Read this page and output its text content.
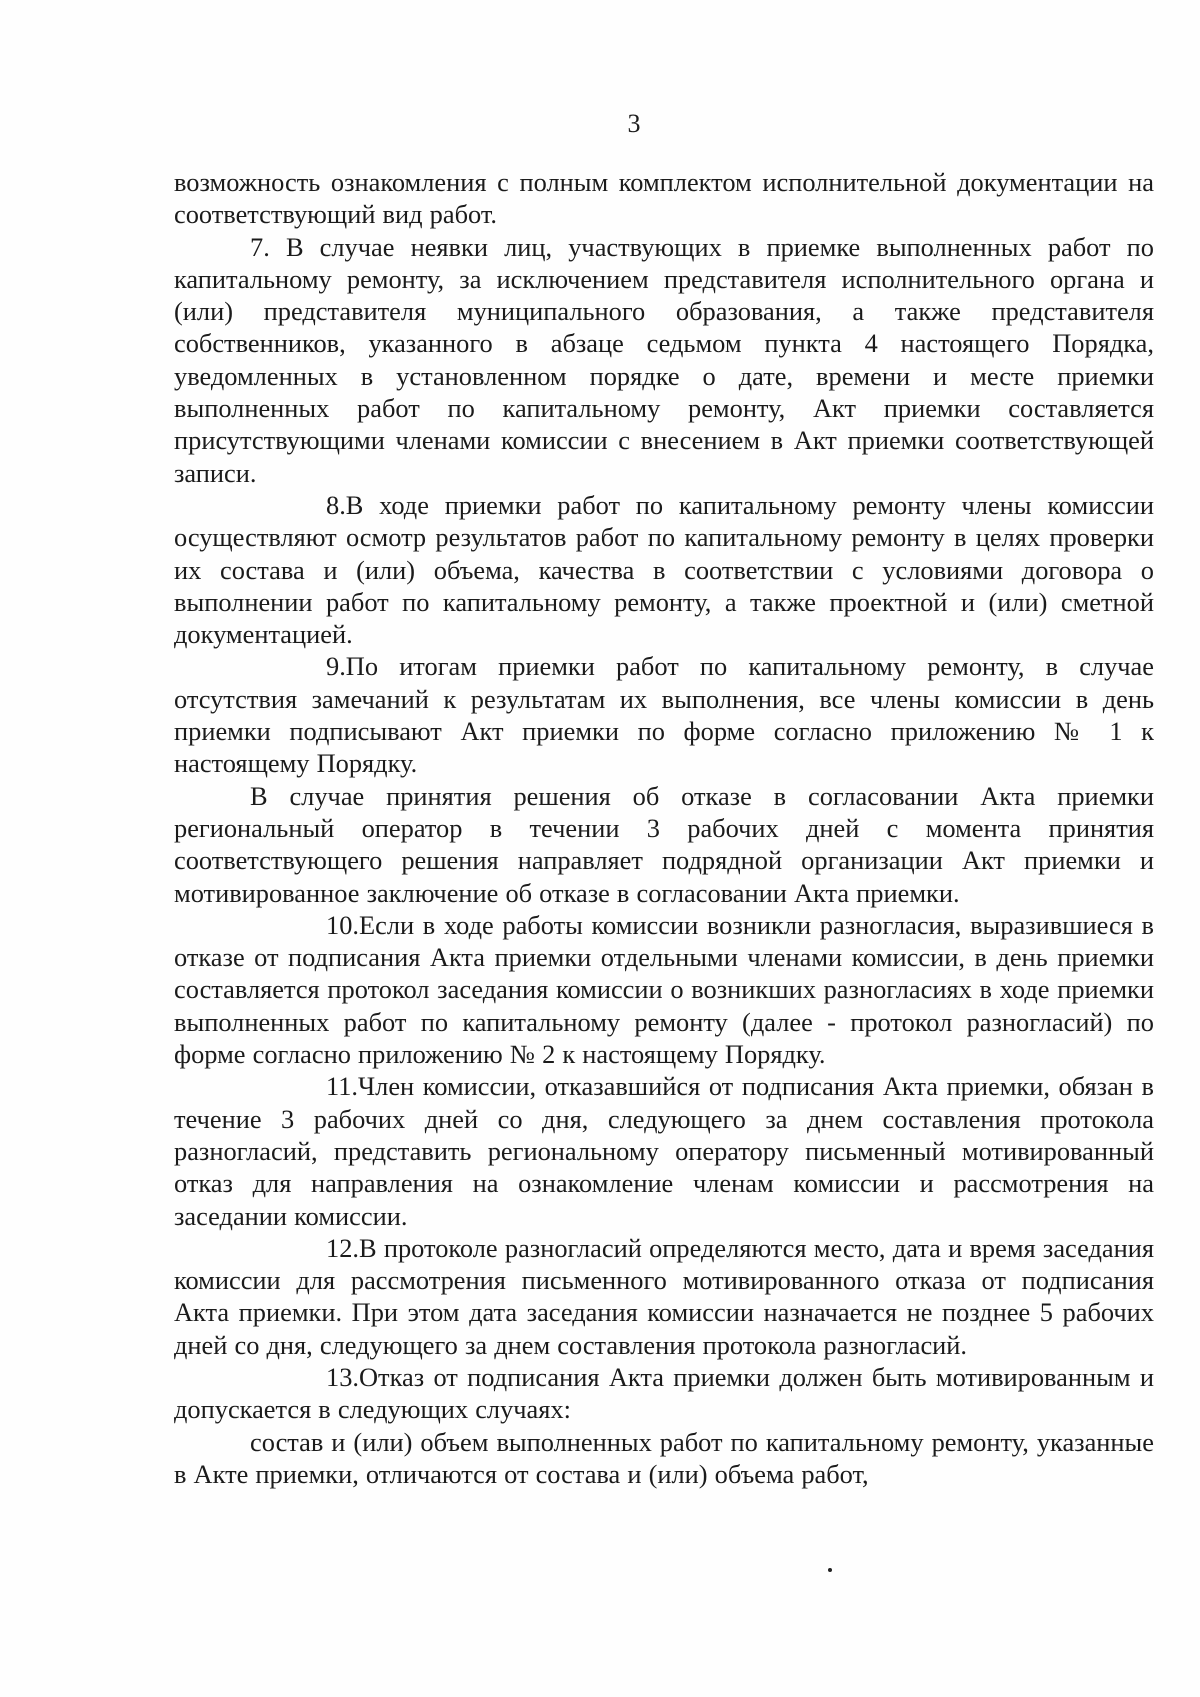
3

возможность ознакомления с полным комплектом исполнительной документации на соответствующий вид работ.

7. В случае неявки лиц, участвующих в приемке выполненных работ по капитальному ремонту, за исключением представителя исполнительного органа и (или) представителя муниципального образования, а также представителя собственников, указанного в абзаце седьмом пункта 4 настоящего Порядка, уведомленных в установленном порядке о дате, времени и месте приемки выполненных работ по капитальному ремонту, Акт приемки составляется присутствующими членами комиссии с внесением в Акт приемки соответствующей записи.

8.В ходе приемки работ по капитальному ремонту члены комиссии осуществляют осмотр результатов работ по капитальному ремонту в целях проверки их состава и (или) объема, качества в соответствии с условиями договора о выполнении работ по капитальному ремонту, а также проектной и (или) сметной документацией.

9.По итогам приемки работ по капитальному ремонту, в случае отсутствия замечаний к результатам их выполнения, все члены комиссии в день приемки подписывают Акт приемки по форме согласно приложению № 1 к настоящему Порядку.

В случае принятия решения об отказе в согласовании Акта приемки региональный оператор в течении 3 рабочих дней с момента принятия соответствующего решения направляет подрядной организации Акт приемки и мотивированное заключение об отказе в согласовании Акта приемки.

10.Если в ходе работы комиссии возникли разногласия, выразившиеся в отказе от подписания Акта приемки отдельными членами комиссии, в день приемки составляется протокол заседания комиссии о возникших разногласиях в ходе приемки выполненных работ по капитальному ремонту (далее - протокол разногласий) по форме согласно приложению № 2 к настоящему Порядку.

11.Член комиссии, отказавшийся от подписания Акта приемки, обязан в течение 3 рабочих дней со дня, следующего за днем составления протокола разногласий, представить региональному оператору письменный мотивированный отказ для направления на ознакомление членам комиссии и рассмотрения на заседании комиссии.

12.В протоколе разногласий определяются место, дата и время заседания комиссии для рассмотрения письменного мотивированного отказа от подписания Акта приемки. При этом дата заседания комиссии назначается не позднее 5 рабочих дней со дня, следующего за днем составления протокола разногласий.

13.Отказ от подписания Акта приемки должен быть мотивированным и допускается в следующих случаях:

состав и (или) объем выполненных работ по капитальному ремонту, указанные в Акте приемки, отличаются от состава и (или) объема работ,
